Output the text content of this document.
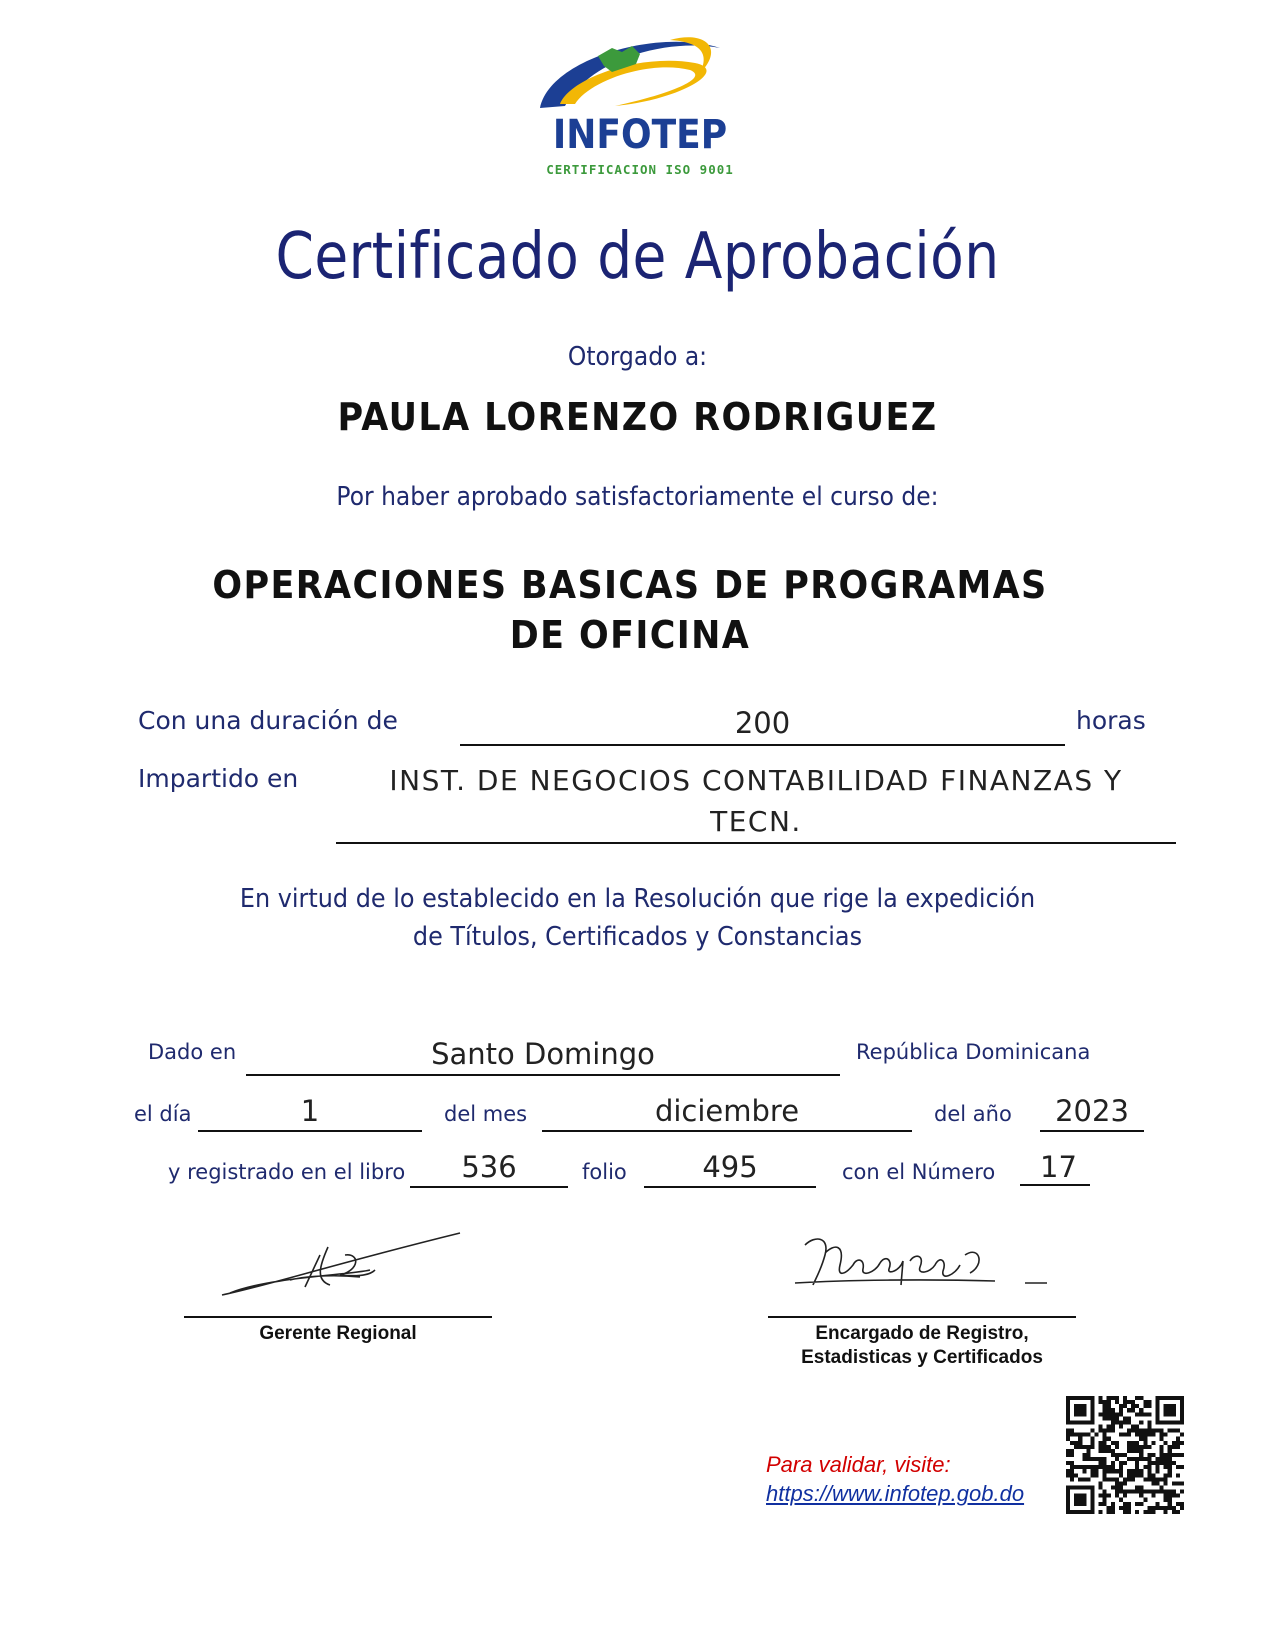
INFOTEP
CERTIFICACION ISO 9001
Certificado de Aprobación
Otorgado a:
PAULA LORENZO RODRIGUEZ
Por haber aprobado satisfactoriamente el curso de:
OPERACIONES BASICAS DE PROGRAMAS
DE OFICINA
Con una duración de	200	horas
Impartido en	INST. DE NEGOCIOS CONTABILIDAD FINANZAS Y
TECN.
En virtud de lo establecido en la Resolución que rige la expedición
de Títulos, Certificados y Constancias
Dado en	Santo Domingo	República Dominicana
el día	1	del mes	diciembre	del año	2023
y registrado en el libro	536	folio	495	con el Número	17
Gerente Regional	Encargado de Registro,
Estadisticas y Certificados
Para validar, visite:
https://www.infotep.gob.do
